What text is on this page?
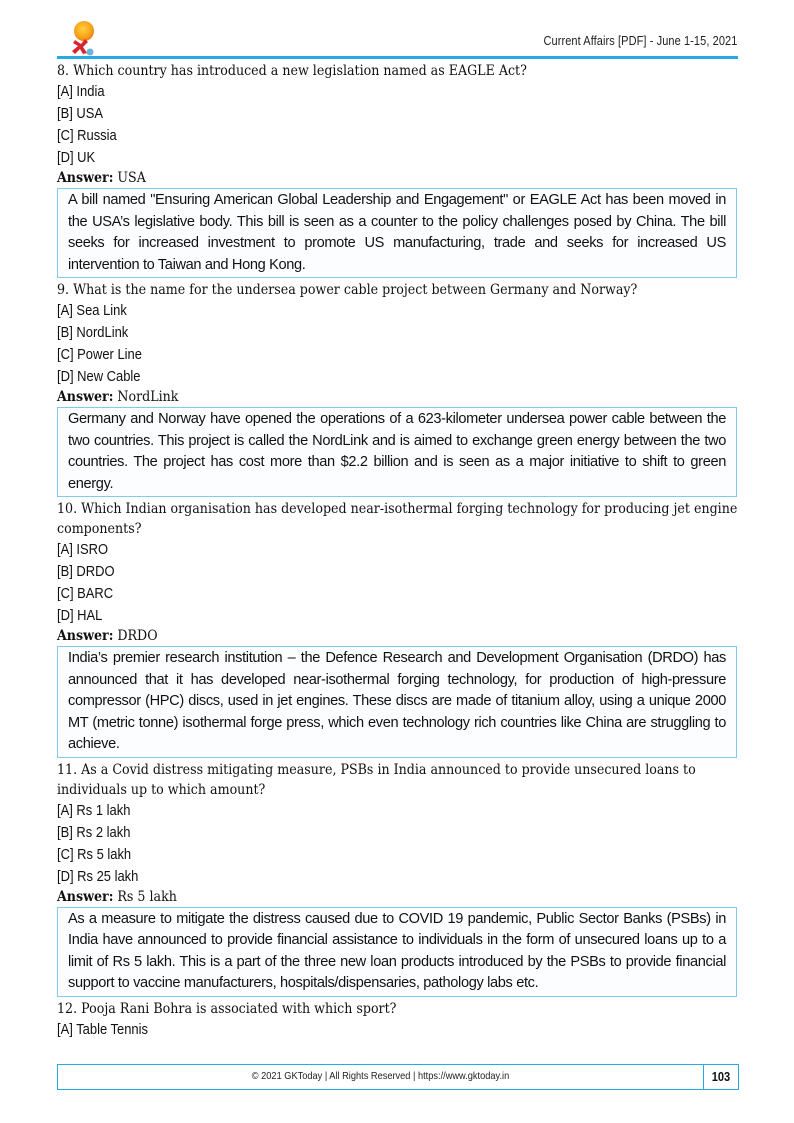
Current Affairs [PDF] - June 1-15, 2021
8. Which country has introduced a new legislation named as EAGLE Act?
[A] India
[B] USA
[C] Russia
[D] UK
Answer: USA

A bill named "Ensuring American Global Leadership and Engagement" or EAGLE Act has been moved in the USA’s legislative body. This bill is seen as a counter to the policy challenges posed by China. The bill seeks for increased investment to promote US manufacturing, trade and seeks for increased US intervention to Taiwan and Hong Kong.

9. What is the name for the undersea power cable project between Germany and Norway?
[A] Sea Link
[B] NordLink
[C] Power Line
[D] New Cable
Answer: NordLink

Germany and Norway have opened the operations of a 623-kilometer undersea power cable between the two countries. This project is called the NordLink and is aimed to exchange green energy between the two countries. The project has cost more than $2.2 billion and is seen as a major initiative to shift to green energy.

10. Which Indian organisation has developed near-isothermal forging technology for producing jet engine components?
[A] ISRO
[B] DRDO
[C] BARC
[D] HAL
Answer: DRDO

India’s premier research institution – the Defence Research and Development Organisation (DRDO) has announced that it has developed near-isothermal forging technology, for production of high-pressure compressor (HPC) discs, used in jet engines. These discs are made of titanium alloy, using a unique 2000 MT (metric tonne) isothermal forge press, which even technology rich countries like China are struggling to achieve.

11. As a Covid distress mitigating measure, PSBs in India announced to provide unsecured loans to individuals up to which amount?
[A] Rs 1 lakh
[B] Rs 2 lakh
[C] Rs 5 lakh
[D] Rs 25 lakh
Answer: Rs 5 lakh

As a measure to mitigate the distress caused due to COVID 19 pandemic, Public Sector Banks (PSBs) in India have announced to provide financial assistance to individuals in the form of unsecured loans up to a limit of Rs 5 lakh. This is a part of the three new loan products introduced by the PSBs to provide financial support to vaccine manufacturers, hospitals/dispensaries, pathology labs etc.

12. Pooja Rani Bohra is associated with which sport?
[A] Table Tennis
© 2021 GKToday | All Rights Reserved | https://www.gktoday.in	103
